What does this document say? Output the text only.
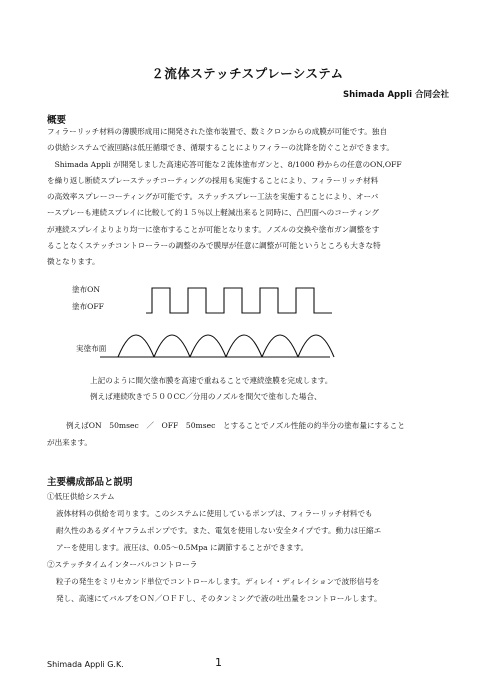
２流体ステッチスプレーシステム
Shimada Appli 合同会社
概要

フィラーリッチ材料の薄膜形成用に開発された塗布装置で、数ミクロンからの成膜が可能です。独自

の供給システムで液回路は低圧循環でき、循環することによりフィラーの沈降を防ぐことができます。

　Shimada Appli が開発しました高速応答可能な２流体塗布ガンと、8/1000 秒からの任意のON,OFF

を繰り返し断続スプレーステッチコーティングの採用も実施することにより、フィラーリッチ材料

の高效率スプレーコーティングが可能です。ステッチスプレー工法を実施することにより、オーバ

ースプレーも連続スプレイに比較して約１５％以上軽減出来ると同時に、凸凹面へのコーティング

が連続スプレイよりより均一に塗布することが可能となります。ノズルの交換や塗布ガン調整をす

ることなくステッチコントローラーの調整のみで膜厚が任意に調整が可能というところも大きな特

徴となります。

塗布ON
塗布OFF
実塗布面
上記のように間欠塗布膜を高速で重ねることで連続塗膜を完成します。
例えば連続吹きで５００CC／分用のノズルを間欠で塗布した場合、
例えばON　50msec　／　OFF　50msec　とすることでノズル性能の約半分の塗布量にすること
が出来ます。
主要構成部品と説明
①低圧供給システム
液体材料の供給を司ります。このシステムに使用しているポンプは、フィラーリッチ材料でも
耐久性のあるダイヤフラムポンプです。また、電気を使用しない安全タイプです。動力は圧縮エ
アーを使用します。液圧は、0.05～0.5Mpa に調節することができます。
②ステッチタイムインターバルコントローラ
粒子の発生をミリセカンド単位でコントロールします。ディレイ・ディレイションで波形信号を
発し、高速にてバルブをＯＮ／ＯＦＦし、そのタンミングで液の吐出量をコントロールします。
Shimada Appli G.K.	1
